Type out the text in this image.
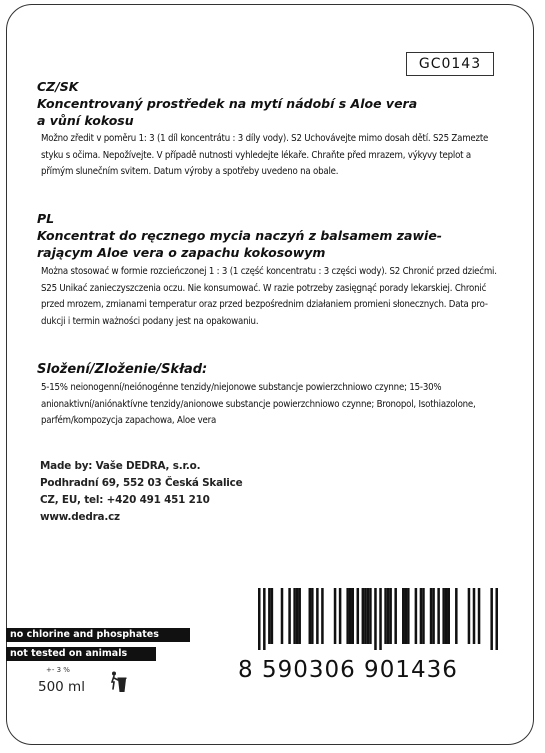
GC0143
CZ/SK
Koncentrovaný prostředek na mytí nádobí s Aloe vera
a vůní kokosu
Možno zředit v poměru 1: 3 (1 díl koncentrátu : 3 díly vody). S2 Uchovávejte mimo dosah dětí. S25 Zamezte
styku s očima. Nepožívejte. V případě nutnosti vyhledejte lékaře. Chraňte před mrazem, výkyvy teplot a
přímým slunečním svitem. Datum výroby a spotřeby uvedeno na obale.
PL
Koncentrat do ręcznego mycia naczyń z balsamem zawie-
rającym Aloe vera o zapachu kokosowym
Można stosować w formie rozcieńczonej 1 : 3 (1 część koncentratu : 3 części wody). S2 Chronić przed dziećmi.
S25 Unikać zanieczyszczenia oczu. Nie konsumować. W razie potrzeby zasięgnąć porady lekarskiej. Chronić
przed mrozem, zmianami temperatur oraz przed bezpośrednim działaniem promieni słonecznych. Data pro-
dukcji i termin ważności podany jest na opakowaniu.
Složení/Zloženie/Skład:
5-15% neionogenní/neiónogénne tenzidy/niejonowe substancje powierzchniowo czynne; 15-30%
anionaktivní/aniónaktívne tenzidy/anionowe substancje powierzchniowo czynne; Bronopol, Isothiazolone,
parfém/kompozycja zapachowa, Aloe vera
Made by: Vaše DEDRA, s.r.o.
Podhradní 69, 552 03 Česká Skalice
CZ, EU, tel: +420 491 451 210
www.dedra.cz
no chlorine and phosphates
not tested on animals
+- 3 %
500 ml
8 590306 901436
